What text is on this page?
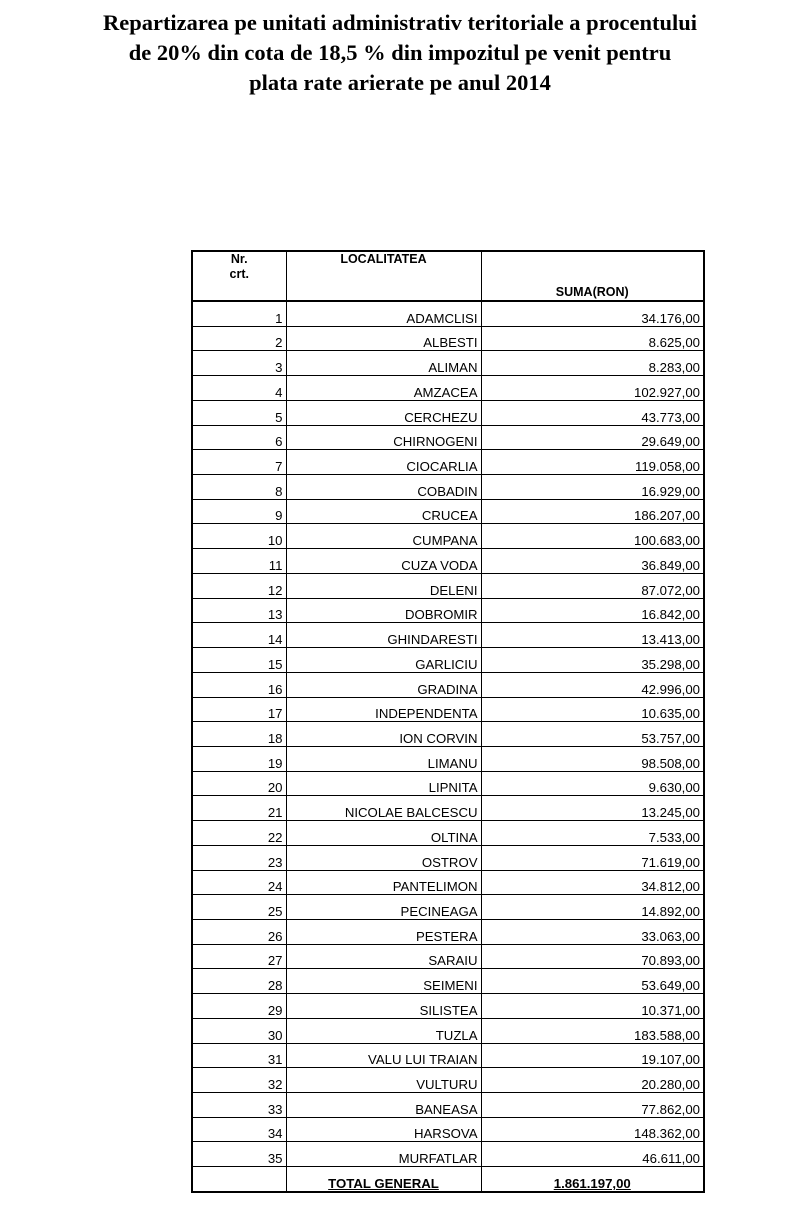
Repartizarea pe unitati administrativ teritoriale a procentului
de 20% din cota de 18,5 % din impozitul pe venit pentru
plata rate arierate pe anul 2014
Nr.
crt.	LOCALITATEA	SUMA(RON)
1	ADAMCLISI	34.176,00
2	ALBESTI	8.625,00
3	ALIMAN	8.283,00
4	AMZACEA	102.927,00
5	CERCHEZU	43.773,00
6	CHIRNOGENI	29.649,00
7	CIOCARLIA	119.058,00
8	COBADIN	16.929,00
9	CRUCEA	186.207,00
10	CUMPANA	100.683,00
11	CUZA VODA	36.849,00
12	DELENI	87.072,00
13	DOBROMIR	16.842,00
14	GHINDARESTI	13.413,00
15	GARLICIU	35.298,00
16	GRADINA	42.996,00
17	INDEPENDENTA	10.635,00
18	ION CORVIN	53.757,00
19	LIMANU	98.508,00
20	LIPNITA	9.630,00
21	NICOLAE BALCESCU	13.245,00
22	OLTINA	7.533,00
23	OSTROV	71.619,00
24	PANTELIMON	34.812,00
25	PECINEAGA	14.892,00
26	PESTERA	33.063,00
27	SARAIU	70.893,00
28	SEIMENI	53.649,00
29	SILISTEA	10.371,00
30	TUZLA	183.588,00
31	VALU LUI TRAIAN	19.107,00
32	VULTURU	20.280,00
33	BANEASA	77.862,00
34	HARSOVA	148.362,00
35	MURFATLAR	46.611,00
	TOTAL GENERAL	1.861.197,00
